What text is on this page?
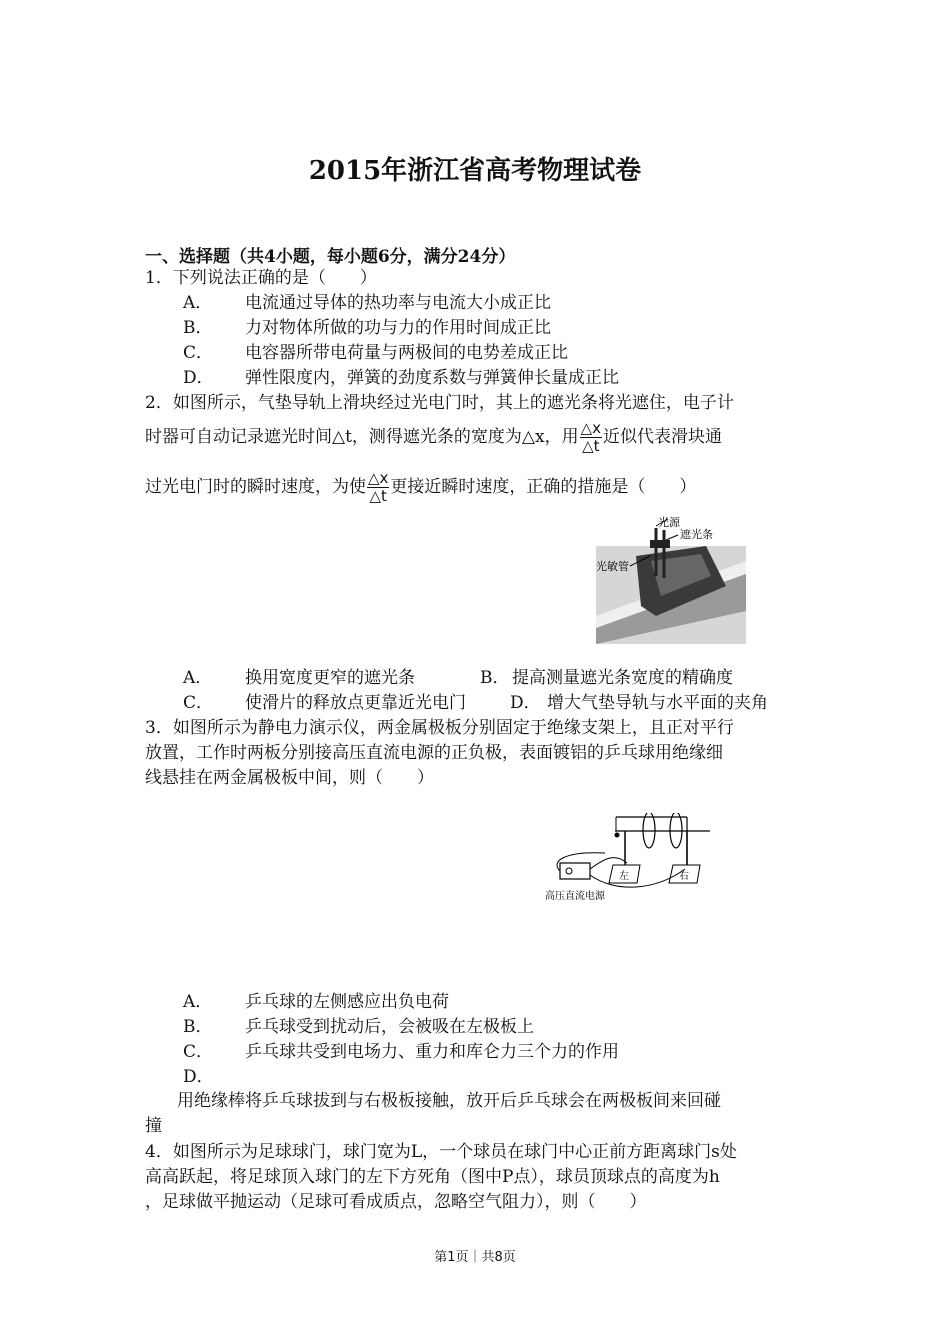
2015年浙江省高考物理试卷
一、选择题（共4小题，每小题6分，满分24分）
1．下列说法正确的是（　　）
A． 电流通过导体的热功率与电流大小成正比
B． 力对物体所做的功与力的作用时间成正比
C． 电容器所带电荷量与两极间的电势差成正比
D． 弹性限度内，弹簧的劲度系数与弹簧伸长量成正比
2．如图所示，气垫导轨上滑块经过光电门时，其上的遮光条将光遮住，电子计
时器可自动记录遮光时间△t，测得遮光条的宽度为△x，用 $\frac{\triangle x}{\triangle t}$ 近似代表滑块通
过光电门时的瞬时速度，为使 $\frac{\triangle x}{\triangle t}$ 更接近瞬时速度，正确的措施是（　　）
光源
遮光条
光敏管
A． 换用宽度更窄的遮光条	B． 提高测量遮光条宽度的精确度
C． 使滑片的释放点更靠近光电门	D． 增大气垫导轨与水平面的夹角
3．如图所示为静电力演示仪，两金属极板分别固定于绝缘支架上，且正对平行
放置，工作时两板分别接高压直流电源的正负极，表面镀铝的乒乓球用绝缘细
线悬挂在两金属极板中间，则（　　）
左	右
高压直流电源
A． 乒乓球的左侧感应出负电荷
B． 乒乓球受到扰动后，会被吸在左极板上
C． 乒乓球共受到电场力、重力和库仑力三个力的作用
D．
用绝缘棒将乒乓球拔到与右极板接触，放开后乒乓球会在两极板间来回碰
撞
4．如图所示为足球球门，球门宽为L，一个球员在球门中心正前方距离球门s处
高高跃起，将足球顶入球门的左下方死角（图中P点），球员顶球点的高度为h
，足球做平抛运动（足球可看成质点，忽略空气阻力），则（　　）
第1页｜共8页
